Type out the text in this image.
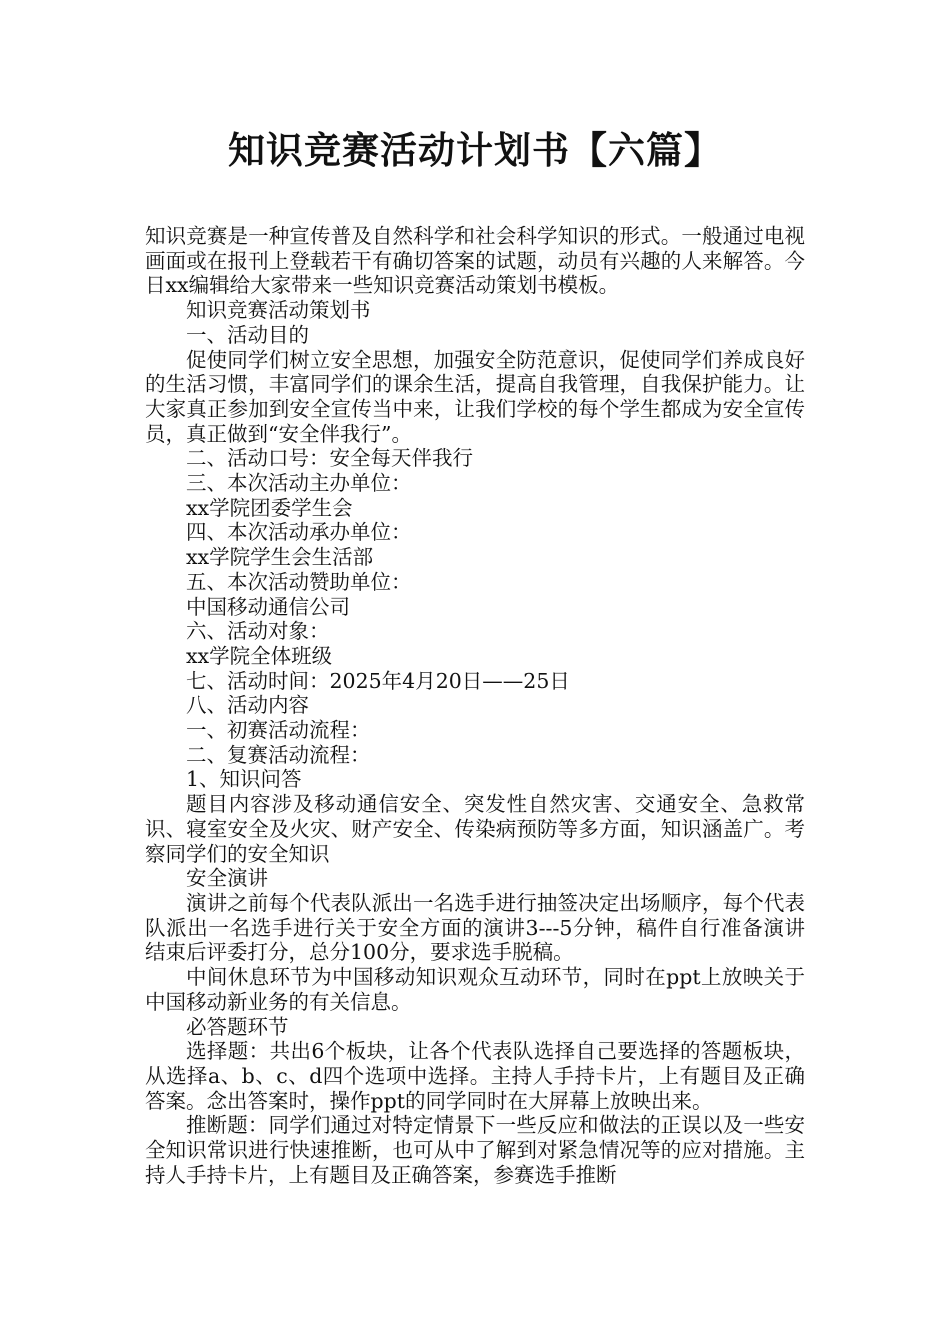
知识竞赛活动计划书【六篇】

知识竞赛是一种宣传普及自然科学和社会科学知识的形式。一般通过电视画面或在报刊上登载若干有确切答案的试题，动员有兴趣的人来解答。今日xx编辑给大家带来一些知识竞赛活动策划书模板。

知识竞赛活动策划书

一、活动目的

促使同学们树立安全思想，加强安全防范意识，促使同学们养成良好的生活习惯，丰富同学们的课余生活，提高自我管理，自我保护能力。让大家真正参加到安全宣传当中来，让我们学校的每个学生都成为安全宣传员，真正做到“安全伴我行”。

二、活动口号：安全每天伴我行

三、本次活动主办单位：

xx学院团委学生会

四、本次活动承办单位：

xx学院学生会生活部

五、本次活动赞助单位：

中国移动通信公司

六、活动对象：

xx学院全体班级

七、活动时间：2025年4月20日——25日

八、活动内容

一、初赛活动流程：

二、复赛活动流程：

1、知识问答

题目内容涉及移动通信安全、突发性自然灾害、交通安全、急救常识、寝室安全及火灾、财产安全、传染病预防等多方面，知识涵盖广。考察同学们的安全知识

安全演讲

演讲之前每个代表队派出一名选手进行抽签决定出场顺序，每个代表队派出一名选手进行关于安全方面的演讲3---5分钟，稿件自行准备演讲结束后评委打分，总分100分，要求选手脱稿。

中间休息环节为中国移动知识观众互动环节，同时在ppt上放映关于中国移动新业务的有关信息。

必答题环节

选择题：共出6个板块，让各个代表队选择自己要选择的答题板块，从选择a、b、c、d四个选项中选择。主持人手持卡片，上有题目及正确答案。念出答案时，操作ppt的同学同时在大屏幕上放映出来。

推断题：同学们通过对特定情景下一些反应和做法的正误以及一些安全知识常识进行快速推断，也可从中了解到对紧急情况等的应对措施。主持人手持卡片，上有题目及正确答案，参赛选手推断
